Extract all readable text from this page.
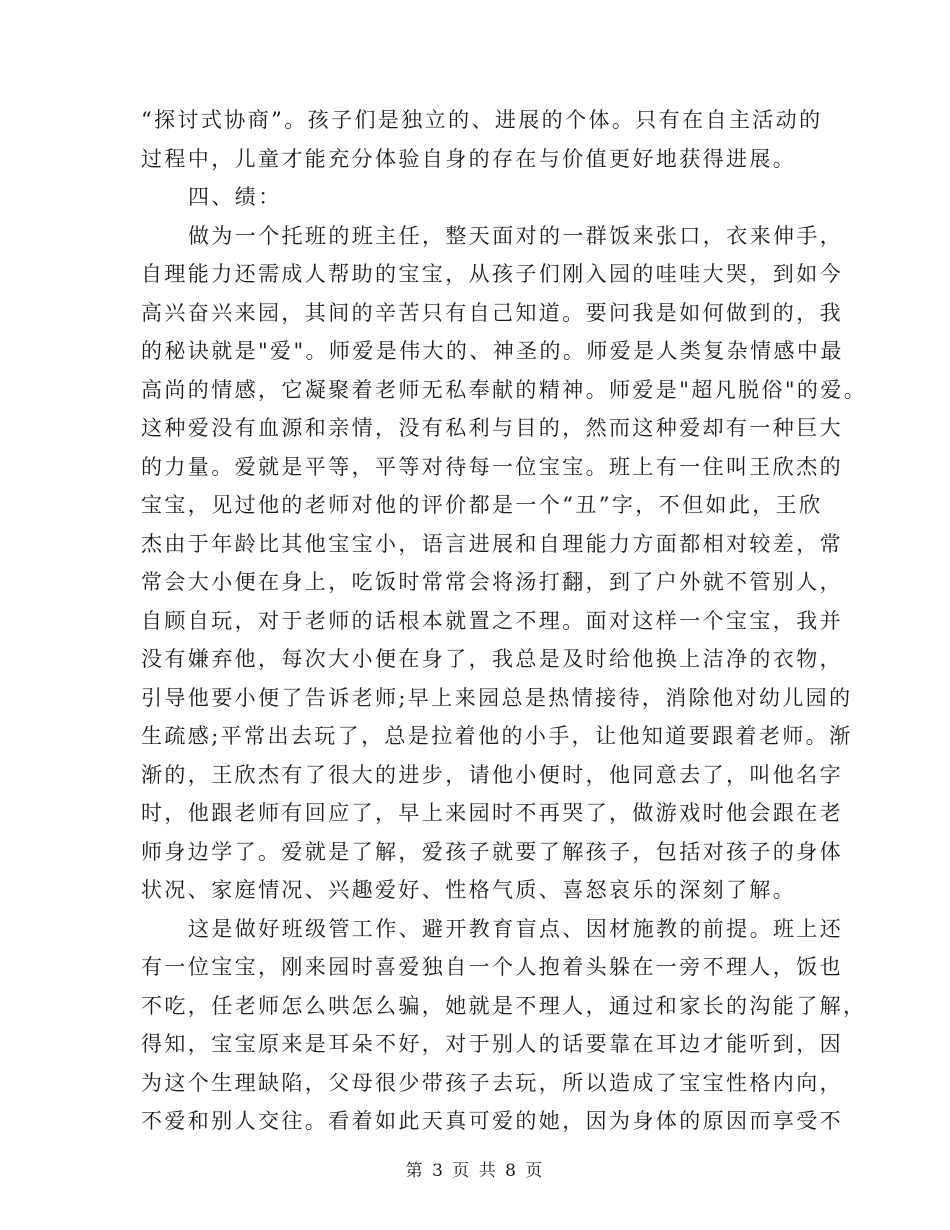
“探讨式协商”。孩子们是独立的、进展的个体。只有在自主活动的
过程中，儿童才能充分体验自身的存在与价值更好地获得进展。
四、绩：
做为一个托班的班主任，整天面对的一群饭来张口，衣来伸手，
自理能力还需成人帮助的宝宝，从孩子们刚入园的哇哇大哭，到如今
高兴奋兴来园，其间的辛苦只有自己知道。要问我是如何做到的，我
的秘诀就是"爱"。师爱是伟大的、神圣的。师爱是人类复杂情感中最
高尚的情感，它凝聚着老师无私奉献的精神。师爱是"超凡脱俗"的爱。
这种爱没有血源和亲情，没有私利与目的，然而这种爱却有一种巨大
的力量。爱就是平等，平等对待每一位宝宝。班上有一住叫王欣杰的
宝宝，见过他的老师对他的评价都是一个“丑”字，不但如此，王欣
杰由于年龄比其他宝宝小，语言进展和自理能力方面都相对较差，常
常会大小便在身上，吃饭时常常会将汤打翻，到了户外就不管别人，
自顾自玩，对于老师的话根本就置之不理。面对这样一个宝宝，我并
没有嫌弃他，每次大小便在身了，我总是及时给他换上洁净的衣物，
引导他要小便了告诉老师;早上来园总是热情接待，消除他对幼儿园的
生疏感;平常出去玩了，总是拉着他的小手，让他知道要跟着老师。渐
渐的，王欣杰有了很大的进步，请他小便时，他同意去了，叫他名字
时，他跟老师有回应了，早上来园时不再哭了，做游戏时他会跟在老
师身边学了。爱就是了解，爱孩子就要了解孩子，包括对孩子的身体
状况、家庭情况、兴趣爱好、性格气质、喜怒哀乐的深刻了解。
这是做好班级管工作、避开教育盲点、因材施教的前提。班上还
有一位宝宝，刚来园时喜爱独自一个人抱着头躲在一旁不理人，饭也
不吃，任老师怎么哄怎么骗，她就是不理人，通过和家长的沟能了解，
得知，宝宝原来是耳朵不好，对于别人的话要靠在耳边才能听到，因
为这个生理缺陷，父母很少带孩子去玩，所以造成了宝宝性格内向，
不爱和别人交往。看着如此天真可爱的她，因为身体的原因而享受不
第 3 页 共 8 页
